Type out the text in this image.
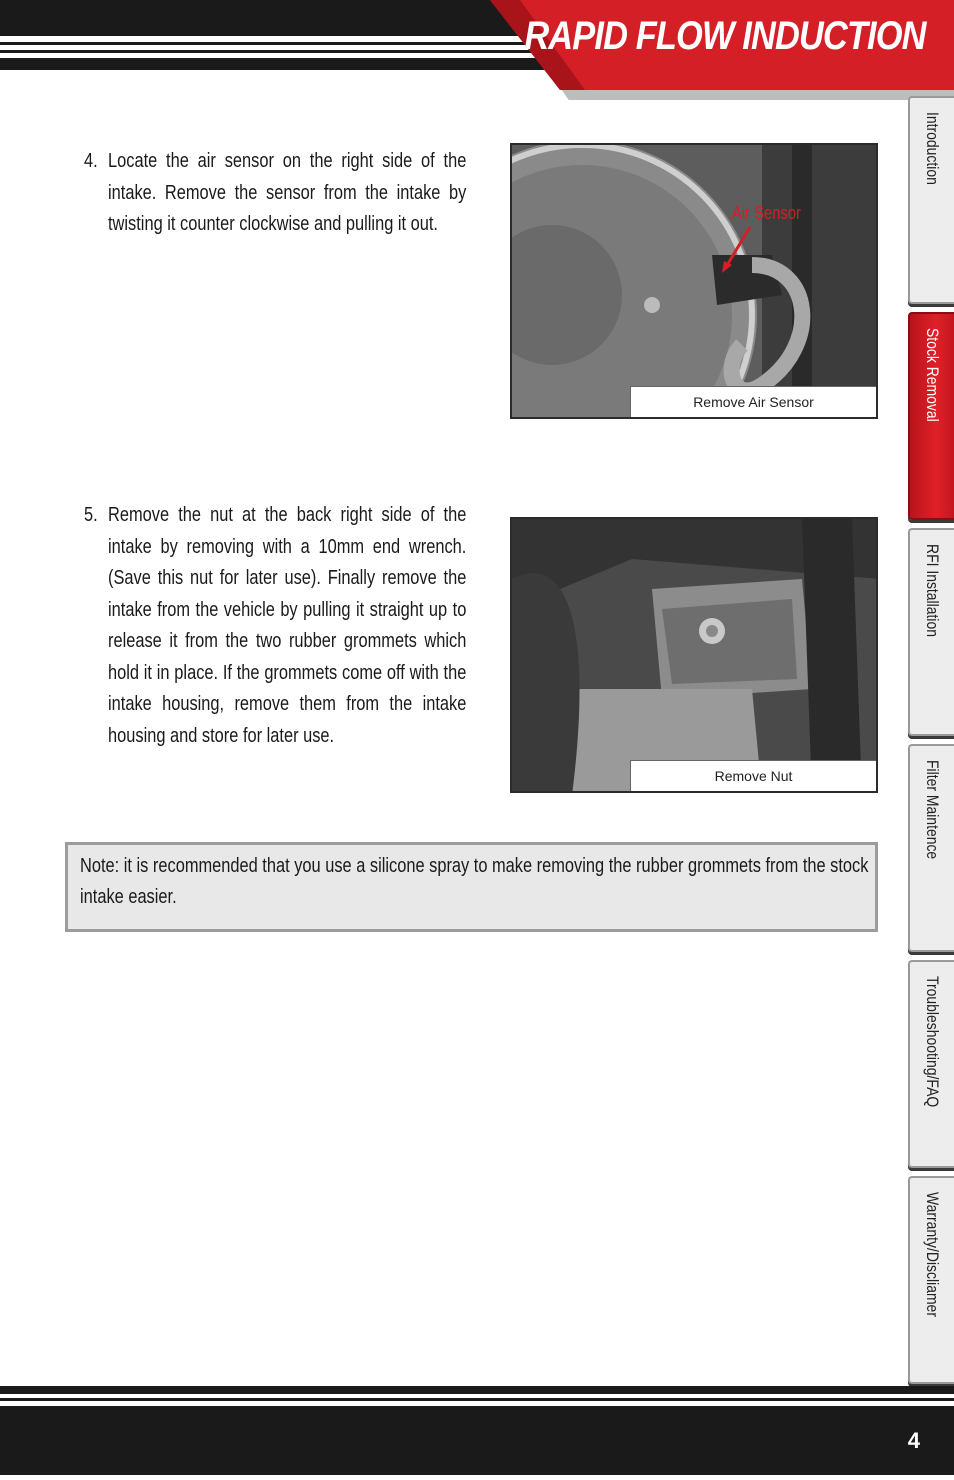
RAPID FLOW INDUCTION
Introduction
Stock Removal
RFI Installation
Filter Maintence
Troubleshooting/FAQ
Warranty/Discliamer
4. Locate the air sensor on the right side of the intake. Remove the sensor from the intake by twisting it counter clockwise and pulling it out.	Air Sensor
Remove Air Sensor
5. Remove the nut at the back right side of the intake by removing with a 10mm end wrench. (Save this nut for later use). Finally remove the intake from the vehicle by pulling it straight up to release it from the two rubber grommets which hold it in place. If the grommets come off with the intake housing, remove them from the intake housing and store for later use.
Remove Nut
Note: it is recommended that you use a silicone spray to make removing the rubber grommets from the stock intake easier.
4
